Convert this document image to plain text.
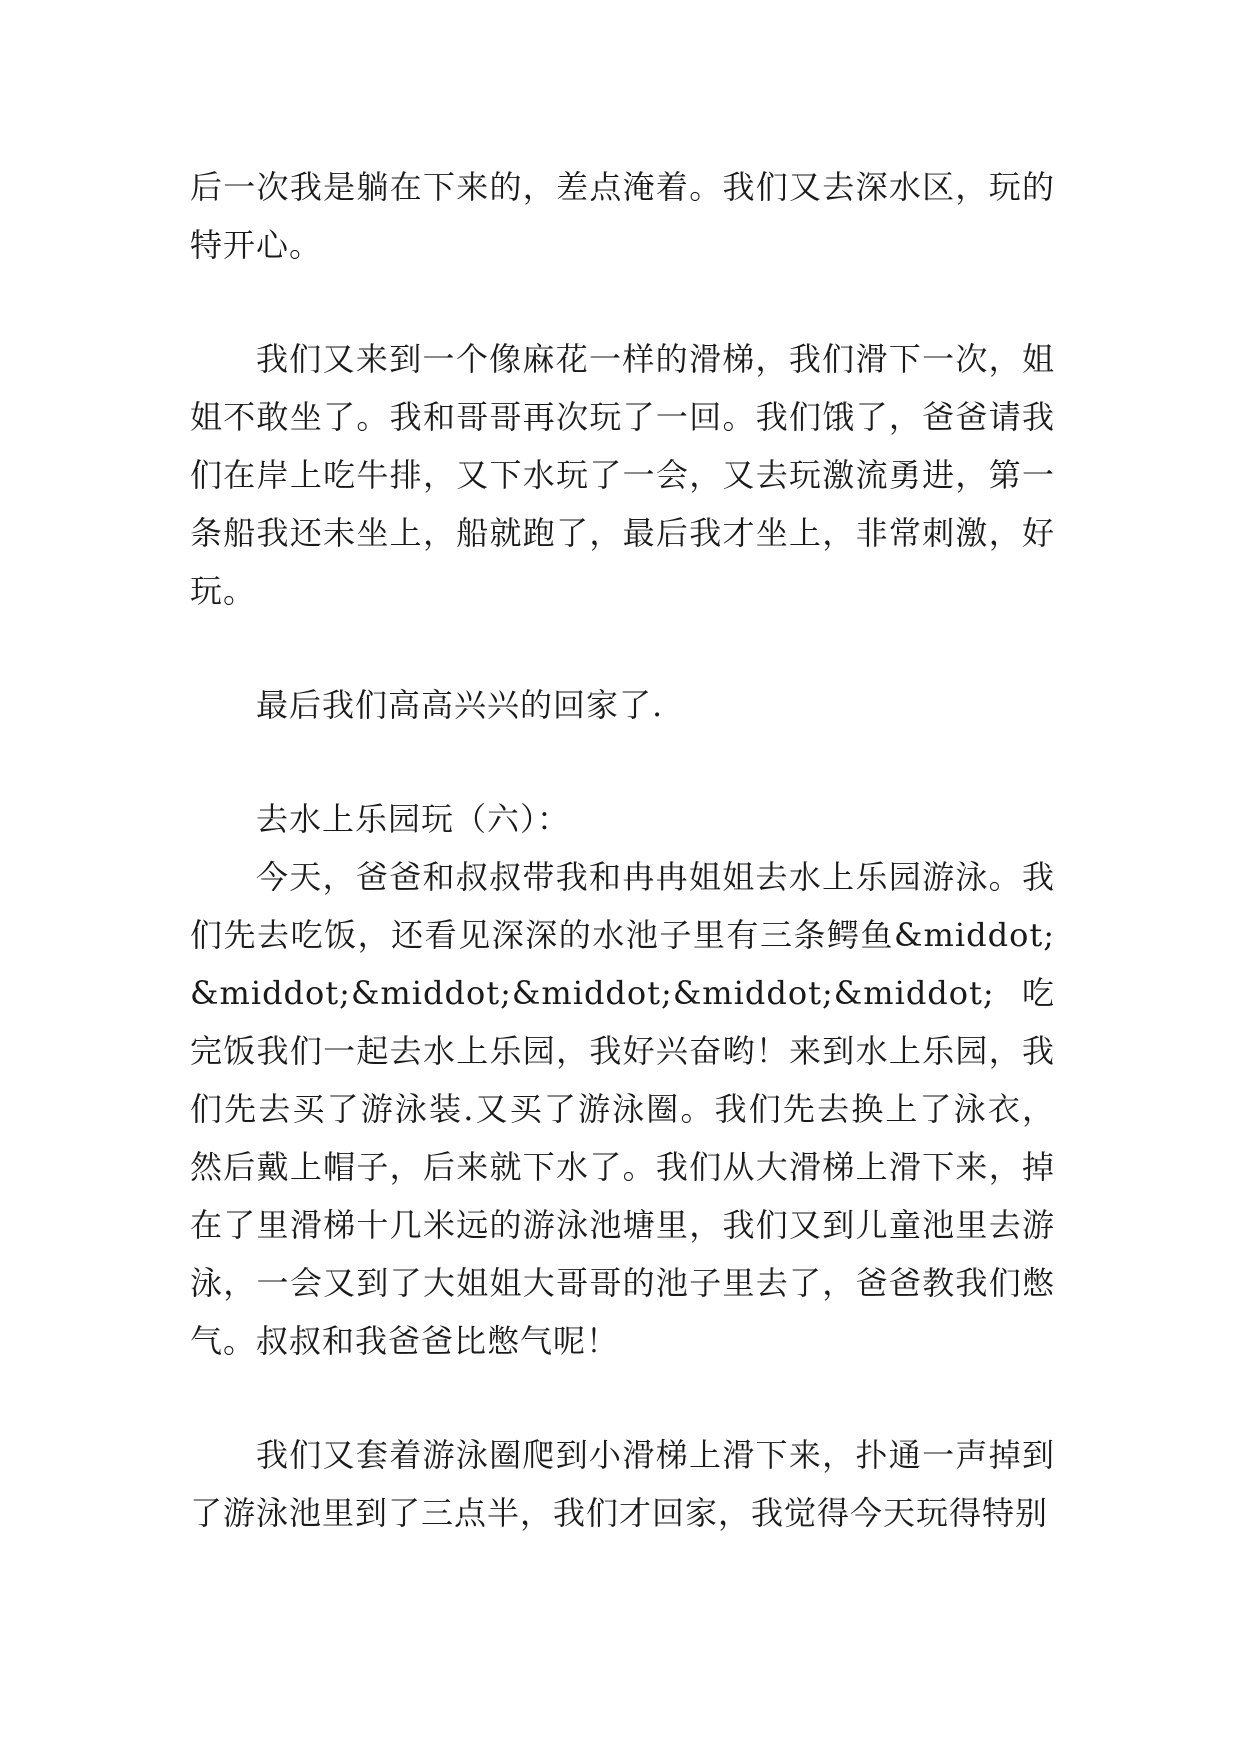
后一次我是躺在下来的，差点淹着。我们又去深水区，玩的特开心。

我们又来到一个像麻花一样的滑梯，我们滑下一次，姐姐不敢坐了。我和哥哥再次玩了一回。我们饿了，爸爸请我们在岸上吃牛排，又下水玩了一会，又去玩激流勇进，第一条船我还未坐上，船就跑了，最后我才坐上，非常刺激，好玩。

最后我们高高兴兴的回家了.

去水上乐园玩（六）：

今天，爸爸和叔叔带我和冉冉姐姐去水上乐园游泳。我们先去吃饭，还看见深深的水池子里有三条鳄鱼&middot;&middot;&middot;&middot;&middot;&middot; 吃完饭我们一起去水上乐园，我好兴奋哟！来到水上乐园，我们先去买了游泳装.又买了游泳圈。我们先去换上了泳衣，然后戴上帽子，后来就下水了。我们从大滑梯上滑下来，掉在了里滑梯十几米远的游泳池塘里，我们又到儿童池里去游泳，一会又到了大姐姐大哥哥的池子里去了，爸爸教我们憋气。叔叔和我爸爸比憋气呢！

我们又套着游泳圈爬到小滑梯上滑下来，扑通一声掉到了游泳池里到了三点半，我们才回家，我觉得今天玩得特别
